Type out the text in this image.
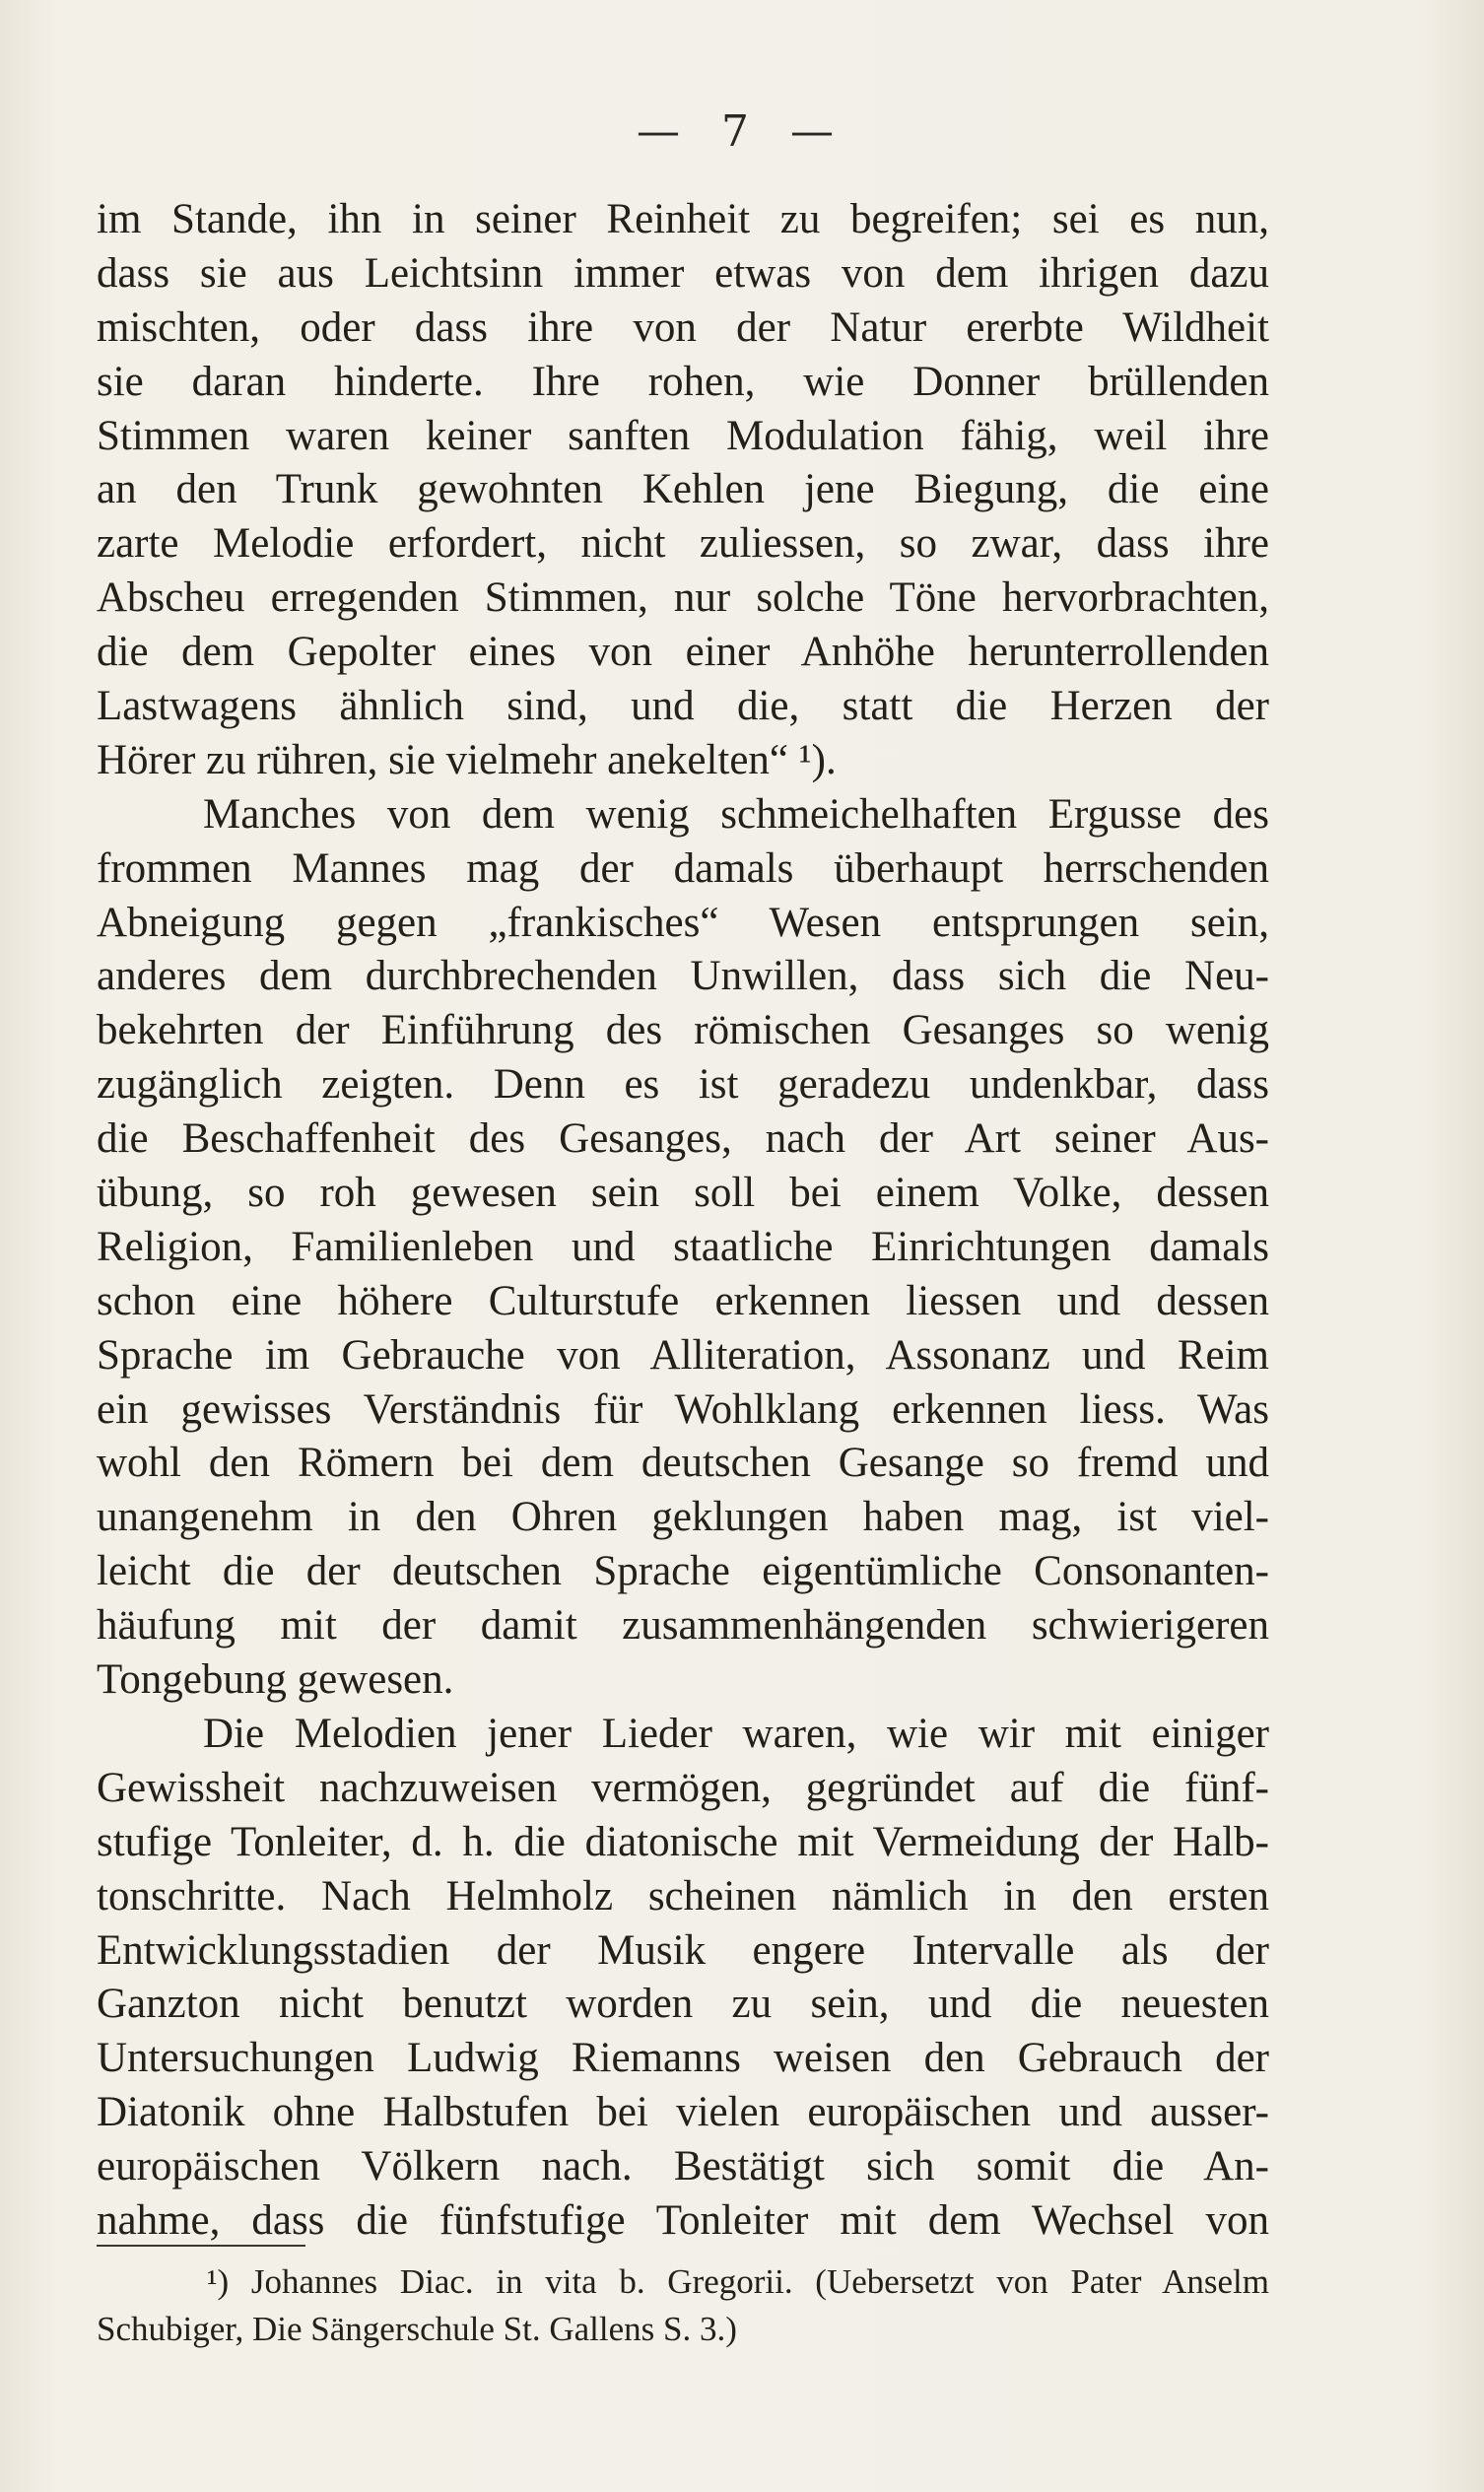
— 7 —
im Stande, ihn in seiner Reinheit zu begreifen; sei es nun,
dass sie aus Leichtsinn immer etwas von dem ihrigen dazu
mischten, oder dass ihre von der Natur ererbte Wildheit
sie daran hinderte. Ihre rohen, wie Donner brüllenden
Stimmen waren keiner sanften Modulation fähig, weil ihre
an den Trunk gewohnten Kehlen jene Biegung, die eine
zarte Melodie erfordert, nicht zuliessen, so zwar, dass ihre
Abscheu erregenden Stimmen, nur solche Töne hervorbrachten,
die dem Gepolter eines von einer Anhöhe herunterrollenden
Lastwagens ähnlich sind, und die, statt die Herzen der
Hörer zu rühren, sie vielmehr anekelten“ ¹).
Manches von dem wenig schmeichelhaften Ergusse des
frommen Mannes mag der damals überhaupt herrschenden
Abneigung gegen „frankisches“ Wesen entsprungen sein,
anderes dem durchbrechenden Unwillen, dass sich die Neu-
bekehrten der Einführung des römischen Gesanges so wenig
zugänglich zeigten. Denn es ist geradezu undenkbar, dass
die Beschaffenheit des Gesanges, nach der Art seiner Aus-
übung, so roh gewesen sein soll bei einem Volke, dessen
Religion, Familienleben und staatliche Einrichtungen damals
schon eine höhere Culturstufe erkennen liessen und dessen
Sprache im Gebrauche von Alliteration, Assonanz und Reim
ein gewisses Verständnis für Wohlklang erkennen liess. Was
wohl den Römern bei dem deutschen Gesange so fremd und
unangenehm in den Ohren geklungen haben mag, ist viel-
leicht die der deutschen Sprache eigentümliche Consonanten-
häufung mit der damit zusammenhängenden schwierigeren
Tongebung gewesen.
Die Melodien jener Lieder waren, wie wir mit einiger
Gewissheit nachzuweisen vermögen, gegründet auf die fünf-
stufige Tonleiter, d. h. die diatonische mit Vermeidung der Halb-
tonschritte. Nach Helmholz scheinen nämlich in den ersten
Entwicklungsstadien der Musik engere Intervalle als der
Ganzton nicht benutzt worden zu sein, und die neuesten
Untersuchungen Ludwig Riemanns weisen den Gebrauch der
Diatonik ohne Halbstufen bei vielen europäischen und ausser-
europäischen Völkern nach. Bestätigt sich somit die An-
nahme, dass die fünfstufige Tonleiter mit dem Wechsel von
¹) Johannes Diac. in vita b. Gregorii. (Uebersetzt von Pater Anselm
Schubiger, Die Sängerschule St. Gallens S. 3.)
